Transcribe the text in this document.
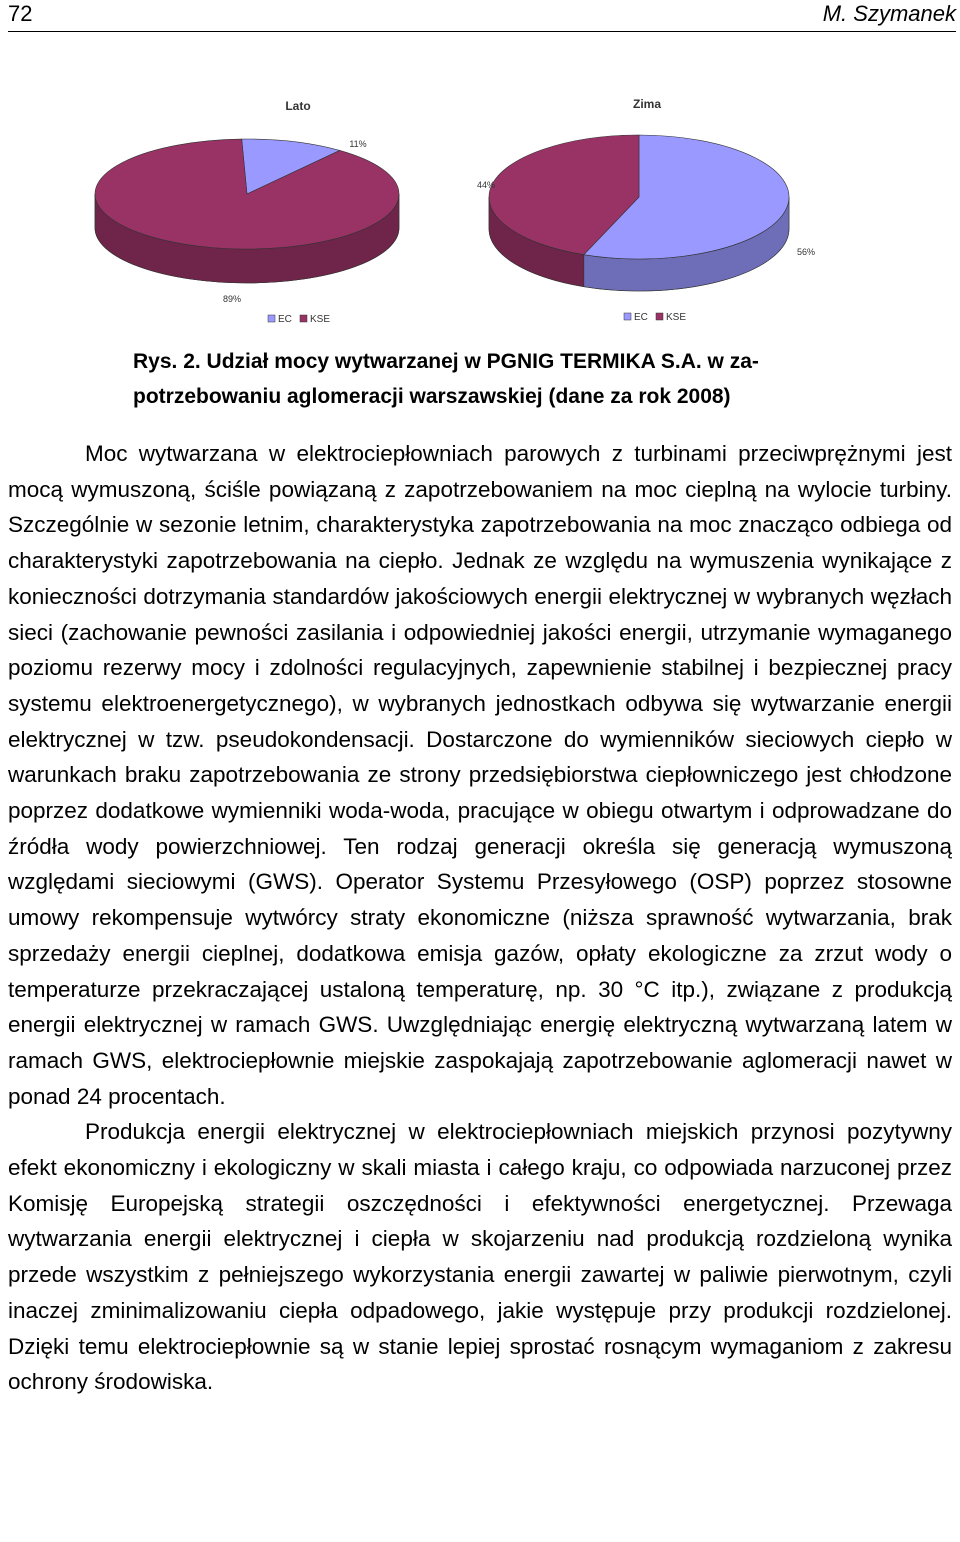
72	M. Szymanek
Lato
11%
89%
EC KSE
Zima
56%
44%
EC KSE

Rys. 2. Udział mocy wytwarzanej w PGNIG TERMIKA S.A. w za-

potrzebowaniu aglomeracji warszawskiej (dane za rok 2008)

Moc wytwarzana w elektrociepłowniach parowych z turbinami przeciwprężnymi jest mocą wymuszoną, ściśle powiązaną z zapotrzebowaniem na moc cieplną na wylocie turbiny. Szczególnie w sezonie letnim, charakterystyka zapotrzebowania na moc znacząco odbiega od charakterystyki zapotrzebowania na ciepło. Jednak ze względu na wymuszenia wynikające z konieczności dotrzymania standardów jakościowych energii elektrycznej w wybranych węzłach sieci (zachowanie pewności zasilania i odpowiedniej jakości energii, utrzymanie wymaganego poziomu rezerwy mocy i zdolności regulacyjnych, zapewnienie stabilnej i bezpiecznej pracy systemu elektroenergetycznego), w wybranych jednostkach odbywa się wytwarzanie energii elektrycznej w tzw. pseudokondensacji. Dostarczone do wymienników sieciowych ciepło w warunkach braku zapotrzebowania ze strony przedsiębiorstwa ciepłowniczego jest chłodzone poprzez dodatkowe wymienniki woda-woda, pracujące w obiegu otwartym i odprowadzane do źródła wody powierzchniowej. Ten rodzaj generacji określa się generacją wymuszoną względami sieciowymi (GWS). Operator Systemu Przesyłowego (OSP) poprzez stosowne umowy rekompensuje wytwórcy straty ekonomiczne (niższa sprawność wytwarzania, brak sprzedaży energii cieplnej, dodatkowa emisja gazów, opłaty ekologiczne za zrzut wody o temperaturze przekraczającej ustaloną temperaturę, np. 30 °C itp.), związane z produkcją energii elektrycznej w ramach GWS. Uwzględniając energię elektryczną wytwarzaną latem w ramach GWS, elektrociepłownie miejskie zaspokajają zapotrzebowanie aglomeracji nawet w ponad 24 procentach.

Produkcja energii elektrycznej w elektrociepłowniach miejskich przynosi pozytywny efekt ekonomiczny i ekologiczny w skali miasta i całego kraju, co odpowiada narzuconej przez Komisję Europejską strategii oszczędności i efektywności energetycznej. Przewaga wytwarzania energii elektrycznej i ciepła w skojarzeniu nad produkcją rozdzieloną wynika przede wszystkim z pełniejszego wykorzystania energii zawartej w paliwie pierwotnym, czyli inaczej zminimalizowaniu ciepła odpadowego, jakie występuje przy produkcji rozdzielonej. Dzięki temu elektrociepłownie są w stanie lepiej sprostać rosnącym wymaganiom z zakresu ochrony środowiska.
